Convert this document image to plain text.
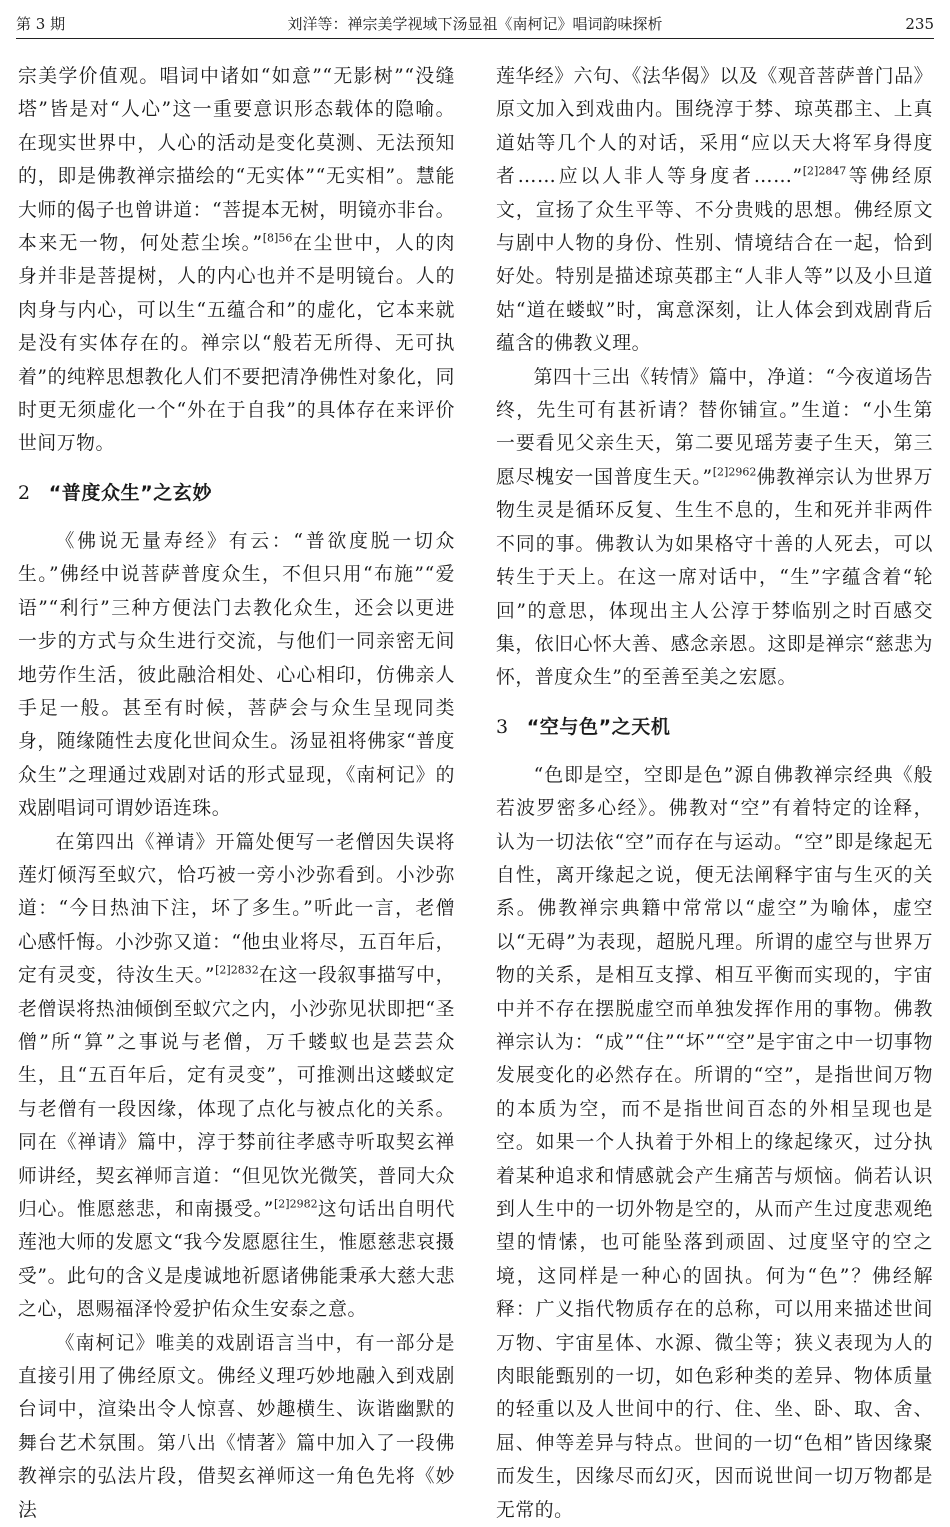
第 3 期	刘洋等：禅宗美学视域下汤显祖《南柯记》唱词韵味探析	235

宗美学价值观。唱词中诸如“如意”“无影树”“没缝塔”皆是对“人心”这一重要意识形态载体的隐喻。在现实世界中，人心的活动是变化莫测、无法预知的，即是佛教禅宗描绘的“无实体”“无实相”。慧能大师的偈子也曾讲道：“菩提本无树，明镜亦非台。本来无一物，何处惹尘埃。”$^{[8]56}$在尘世中，人的肉身并非是菩提树，人的内心也并不是明镜台。人的肉身与内心，可以生“五蕴合和”的虚化，它本来就是没有实体存在的。禅宗以“般若无所得、无可执着”的纯粹思想教化人们不要把清净佛性对象化，同时更无须虚化一个“外在于自我”的具体存在来评价世间万物。

2 “普度众生”之玄妙

《佛说无量寿经》有云：“普欲度脱一切众生。”佛经中说菩萨普度众生，不但只用“布施”“爱语”“利行”三种方便法门去教化众生，还会以更进一步的方式与众生进行交流，与他们一同亲密无间地劳作生活，彼此融洽相处、心心相印，仿佛亲人手足一般。甚至有时候，菩萨会与众生呈现同类身，随缘随性去度化世间众生。汤显祖将佛家“普度众生”之理通过戏剧对话的形式显现，《南柯记》的戏剧唱词可谓妙语连珠。

在第四出《禅请》开篇处便写一老僧因失误将莲灯倾泻至蚁穴，恰巧被一旁小沙弥看到。小沙弥道：“今日热油下注，坏了多生。”听此一言，老僧心感忏悔。小沙弥又道：“他虫业将尽，五百年后，定有灵变，待汝生天。”$^{[2]2832}$在这一段叙事描写中，老僧误将热油倾倒至蚁穴之内，小沙弥见状即把“圣僧”所“算”之事说与老僧，万千蝼蚁也是芸芸众生，且“五百年后，定有灵变”，可推测出这蝼蚁定与老僧有一段因缘，体现了点化与被点化的关系。同在《禅请》篇中，淳于棼前往孝感寺听取契玄禅师讲经，契玄禅师言道：“但见饮光微笑，普同大众归心。惟愿慈悲，和南摄受。”$^{[2]2982}$这句话出自明代莲池大师的发愿文“我今发愿愿往生，惟愿慈悲哀摄受”。此句的含义是虔诚地祈愿诸佛能秉承大慈大悲之心，恩赐福泽怜爱护佑众生安泰之意。

《南柯记》唯美的戏剧语言当中，有一部分是直接引用了佛经原文。佛经义理巧妙地融入到戏剧台词中，渲染出令人惊喜、妙趣横生、诙谐幽默的舞台艺术氛围。第八出《情著》篇中加入了一段佛教禅宗的弘法片段，借契玄禅师这一角色先将《妙法

莲华经》六句、《法华偈》以及《观音菩萨普门品》原文加入到戏曲内。围绕淳于棼、琼英郡主、上真道姑等几个人的对话，采用“应以天大将军身得度者……应以人非人等身度者……”$^{[2]2847}$等佛经原文，宣扬了众生平等、不分贵贱的思想。佛经原文与剧中人物的身份、性别、情境结合在一起，恰到好处。特别是描述琼英郡主“人非人等”以及小旦道姑“道在蝼蚁”时，寓意深刻，让人体会到戏剧背后蕴含的佛教义理。

第四十三出《转情》篇中，净道：“今夜道场告终，先生可有甚祈请？替你铺宣。”生道：“小生第一要看见父亲生天，第二要见瑶芳妻子生天，第三愿尽槐安一国普度生天。”$^{[2]2962}$佛教禅宗认为世界万物生灵是循环反复、生生不息的，生和死并非两件不同的事。佛教认为如果格守十善的人死去，可以转生于天上。在这一席对话中，“生”字蕴含着“轮回”的意思，体现出主人公淳于棼临别之时百感交集，依旧心怀大善、感念亲恩。这即是禅宗“慈悲为怀，普度众生”的至善至美之宏愿。

3 “空与色”之天机

“色即是空，空即是色”源自佛教禅宗经典《般若波罗密多心经》。佛教对“空”有着特定的诠释，认为一切法依“空”而存在与运动。“空”即是缘起无自性，离开缘起之说，便无法阐释宇宙与生灭的关系。佛教禅宗典籍中常常以“虚空”为喻体，虚空以“无碍”为表现，超脱凡理。所谓的虚空与世界万物的关系，是相互支撑、相互平衡而实现的，宇宙中并不存在摆脱虚空而单独发挥作用的事物。佛教禅宗认为：“成”“住”“坏”“空”是宇宙之中一切事物发展变化的必然存在。所谓的“空”，是指世间万物的本质为空，而不是指世间百态的外相呈现也是空。如果一个人执着于外相上的缘起缘灭，过分执着某种追求和情感就会产生痛苦与烦恼。倘若认识到人生中的一切外物是空的，从而产生过度悲观绝望的情愫，也可能坠落到顽固、过度坚守的空之境，这同样是一种心的固执。何为“色”？佛经解释：广义指代物质存在的总称，可以用来描述世间万物、宇宙星体、水源、微尘等；狭义表现为人的肉眼能甄别的一切，如色彩种类的差异、物体质量的轻重以及人世间中的行、住、坐、卧、取、舍、屈、伸等差异与特点。世间的一切“色相”皆因缘聚而发生，因缘尽而幻灭，因而说世间一切万物都是无常的。
